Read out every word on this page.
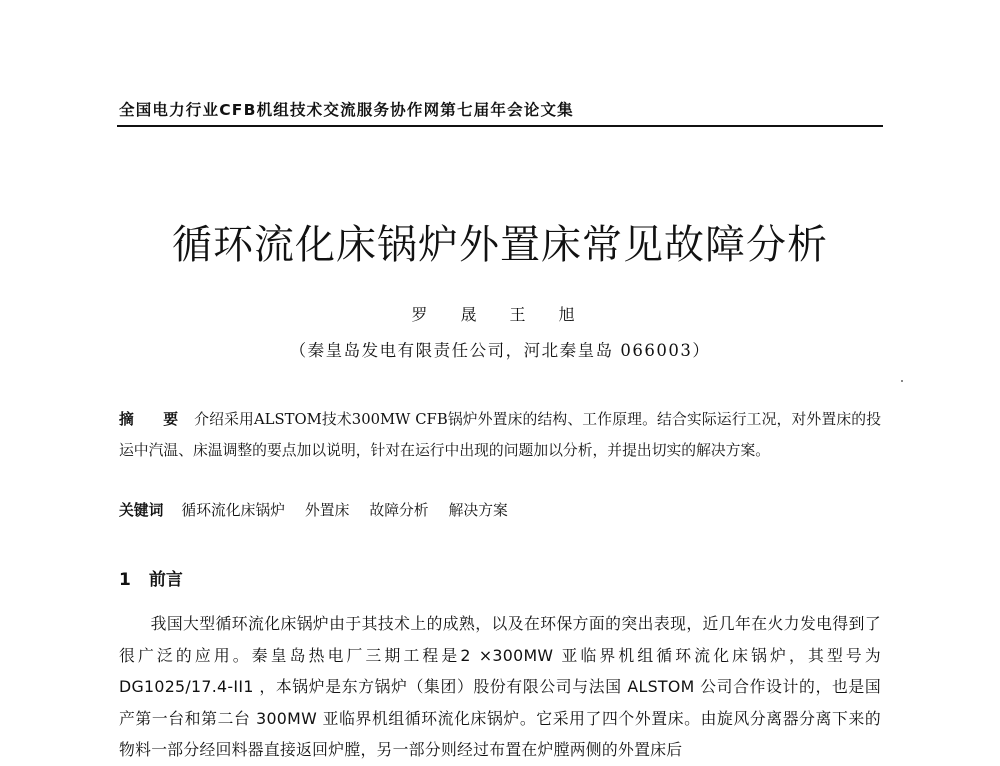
全国电力行业CFB机组技术交流服务协作网第七届年会论文集
循环流化床锅炉外置床常见故障分析
罗 晟 王 旭
（秦皇岛发电有限责任公司，河北秦皇岛 066003）
摘 要 介绍采用ALSTOM技术300MW CFB锅炉外置床的结构、工作原理。结合实际运行工况，对外置床的投运中汽温、床温调整的要点加以说明，针对在运行中出现的问题加以分析，并提出切实的解决方案。
关键词 循环流化床锅炉 外置床 故障分析 解决方案
1 前言
我国大型循环流化床锅炉由于其技术上的成熟，以及在环保方面的突出表现，近几年在火力发电得到了很广泛的应用。秦皇岛热电厂三期工程是2 ×300MW 亚临界机组循环流化床锅炉，其型号为 DG1025/17.4-II1 ，本锅炉是东方锅炉（集团）股份有限公司与法国 ALSTOM 公司合作设计的，也是国产第一台和第二台 300MW 亚临界机组循环流化床锅炉。它采用了四个外置床。由旋风分离器分离下来的物料一部分经回料器直接返回炉膛，另一部分则经过布置在炉膛两侧的外置床后
